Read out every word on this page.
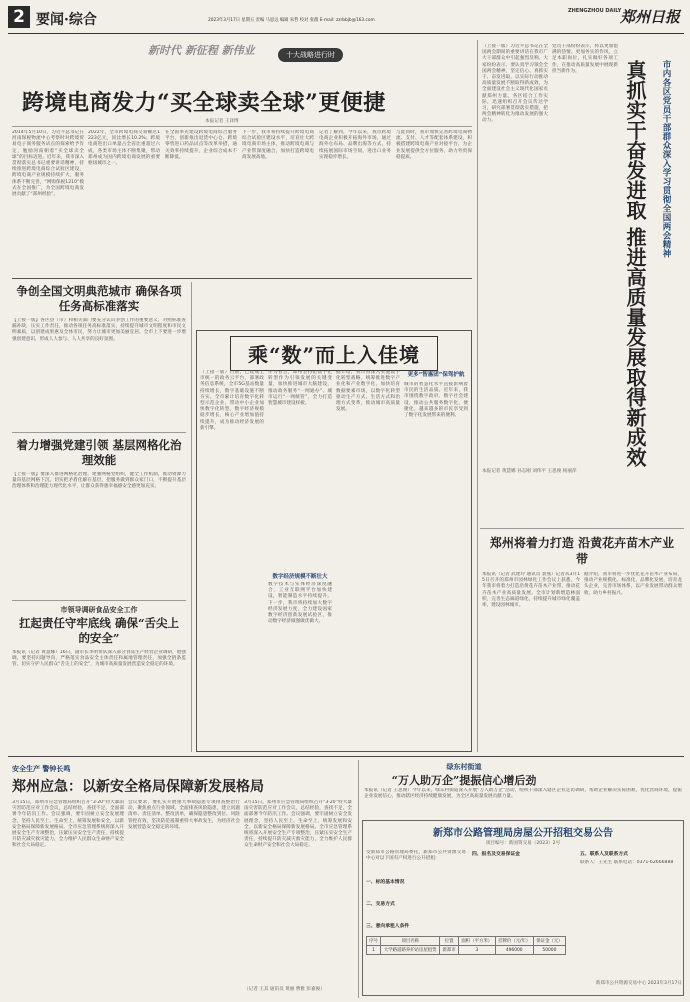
2 要闻·综合	2023年3月17日 星期五 责编 马思远 编辑 朱哲 校对 张薇 E-mail: zzrbbjb@163.com
ZHENGZHOU DAILY
郑州日报
新时代 新征程 新伟业	十大战略进行时
跨境电商发力“买全球卖全球”更便捷
本报记者 王译博
2014年5月10日，习近平总书记在河南保税物流中心考察时对跨境贸易电子商务服务试点的探索给予肯定，勉励河南朝着“买全球卖全球”的目标迈进。近年来，我市深入贯彻落实总书记重要讲话精神，持续推进跨境电商综合试验区建设，跨境电商产业规模持续扩大，服务体系不断完善，“网购保税1210”模式在全国推广，为全国跨境电商发展贡献了“郑州经验”。
2022年，全市跨境电商交易额达1223亿元，同比增长10.2%；跨境电商进出口单量占全省比重超过六成，各类市场主体不断集聚，带动郑州成为国内跨境电商发展的重要枢纽城市之一。
在全国率先建设跨境电商综合服务平台，创新推出退货中心仓、跨境零售进口药品试点等改革举措，通关效率持续提升，企业综合成本不断降低。
下一步，我市将持续提升跨境电商综合试验区建设水平，培育壮大跨境电商市场主体，推动跨境电商与产业带深度融合，加快打造跨境电商发展高地。
记者了解到，今年以来，我市跨境电商企业积极开拓海外市场，通过海外仓布局、品牌出海等方式，持续拓展国际市场空间，进出口业务实现稳步增长。
与此同时，我市加快完善跨境电商物流、支付、人才等配套体系建设，积极搭建跨境电商产业对接平台，为企业发展提供全方位服务，助力外贸保稳提质。
争创全国文明典范城市 确保各项任务高标准落实
【上接一版】各区县（市）和相关部门要充分认识争创工作的重要意义，对照标准查漏补缺，压实工作责任，推动各项任务高标准落实，持续提升城市文明程度和市民文明素质，以创建成果惠及全体市民，努力让城市更加美丽宜居。全市上下要进一步增强创建意识，形成人人参与、人人共享的良好氛围。
着力增强党建引领 基层网格化治理效能
【上接一版】要深入推进网格化治理，建强网格党组织，健全工作机制，推动资源力量向基层网格下沉，切实把矛盾化解在基层，把服务做到群众家门口，不断提升基层治理体系和治理能力现代化水平，让群众获得感幸福感安全感更加充实。
市领导调研食品安全工作
扛起责任守牢底线 确保“舌尖上的安全”
本报讯（记者 黄慧娜）16日，副市长李明带队深入部分食品生产经营企业调研，他强调，要坚持问题导向，严格落实食品安全主体责任和属地管理责任，加强全链条监管，切实守护人民群众“舌尖上的安全”，为城市高质量发展营造安全稳定的环境。
乘“数”而上入佳境
（上接一版）目前，已建成全市统一的政务云平台，部署政务信息系统，全市5G基站数量持续增长，数字基础设施不断夯实。全市累计培育数字化转型示范企业，带动中小企业加快数字化转型，数字经济规模稳步增长，核心产业增加值持续提升，成为推动经济发展的新引擎。
作为省会，郑州坚持把数字化转型作为引领发展的关键变量，加快推进城市大脑建设，推动政务服务“一网通办”、城市运行“一网统管”，全力打造智慧城市建设样板。
数字经济规模不断壮大
数字技术与实体经济深度融合，工业互联网平台加快建设，智能制造水平持续提升。下一步，我市将持续加大数字经济发展力度，全力建设国家数字经济创新发展试验区，推动数字经济做强做优做大。
据介绍，我市将深入实施数字化转型战略，统筹推进数字产业化和产业数字化，加快培育数据要素市场，以数字化转型驱动生产方式、生活方式和治理方式变革，推动城市高质量发展。
更多“智惠团”保驾护航
城市的智慧化水平直接影响着市民的生活品质。近年来，我市围绕数字政府、数字社会建设，推动公共服务数字化、便捷化，越来越多的市民享受到了数字化发展带来的便利。
市内各区党员干部群众深入学习贯彻全国两会精神
真抓实干奋发进取 推进高质量发展取得新成效
（上接一版）习近平总书记在全国两会期间的重要讲话在我市广大干部群众中引起强烈反响。大家纷纷表示，要认真学习领会全国两会精神，坚定信心、真抓实干、奋发进取，以实际行动推动高质量发展不断取得新成效，为全面建设社会主义现代化国家贡献郑州力量。各区结合工作实际，迅速组织召开会议传达学习，研究部署贯彻落实措施，把两会精神转化为推动发展的强大动力。
党员干部纷纷表示，将以更加饱满的热情、更加务实的作风，立足本职岗位，扎实做好各项工作，在推动高质量发展中展现新担当新作为。
本报记者 黄慧娜 孙志刚 刘伟平 王思俊 杨丽萍
郑州将着力打造 沿黄花卉苗木产业带
本报讯（记者 武建玲 通讯员 裴燕）记者从3月15日召开的郑州市园林绿化工作会议上获悉，今年我市将着力打造沿黄花卉苗木产业带，推动花卉苗木产业高质量发展。全市计划新增造林面积，完善生态廊道绿化，持续提升城市绿化覆盖率，建设园林城市。
据介绍，我市将进一步优化花卉苗木产业布局，推动产业规模化、标准化、品牌化发展，培育龙头企业，完善市场体系，以产业发展带动群众增收，助力乡村振兴。
安全生产 警钟长鸣
郑州应急：以新安全格局保障新发展格局
3月15日，郑州市应急管理局组织召开“3·20”特大暴雨灾害防范应对工作会议，总结经验，查找不足，全面部署今年防汛工作。会议强调，要牢固树立安全发展理念，坚持人民至上、生命至上，统筹发展和安全，以新安全格局保障新发展格局。全市应急管理系统将深入开展安全生产专项整治，压紧压实安全生产责任，持续提升防灾减灾救灾能力，全力维护人民群众生命财产安全和社会大局稳定。
会议要求，要扎实开展重大事故隐患专项排查整治行动，聚焦重点行业领域，全面排查风险隐患，建立问题清单、责任清单、整改清单，确保隐患整改到位、风险管控有效，坚决防范遏制重特大事故发生，为经济社会发展营造安全稳定的环境。
3月15日，郑州市应急管理局组织召开“3·20”特大暴雨灾害防范应对工作会议，总结经验，查找不足，全面部署今年防汛工作。会议强调，要牢固树立安全发展理念，坚持人民至上、生命至上，统筹发展和安全，以新安全格局保障新发展格局。全市应急管理系统将深入开展安全生产专项整治，压紧压实安全生产责任，持续提升防灾减灾救灾能力，全力维护人民群众生命财产安全和社会大局稳定。
（记者 王其 通讯员 黄丽 曹雅 彭嘉俊）
绿东村街道
“万人助万企”提振信心增后劲
本报讯（记者 王思俊）今年以来，绿东村街道深入开展“万人助万企”活动，组织干部深入辖区企业走访调研，帮助企业解决实际困难，优化营商环境，提振企业发展信心，推动辖区经济持续健康发展，为全区高质量发展贡献力量。
新郑市公路管理局房屋公开招租交易公告
项目编号：新国资交易（2023）2号
受新郑市公路管理局委托，新郑市公共资源交易中心对以下国有产权进行公开招租：
一、标的基本情况
二、交易方式
三、意向承租人条件
四、报名及交易保证金	五、联系人及联系方式
联系人：王先生 联系电话：0371-62666888
序号	项目名称	位置	面积（平方米）	挂牌价（元/年）	保证金（元）
1	大学路道路养护站房屋租赁	新郑市	3	496000	50000
新郑市公共资源交易中心 2023年3月17日
